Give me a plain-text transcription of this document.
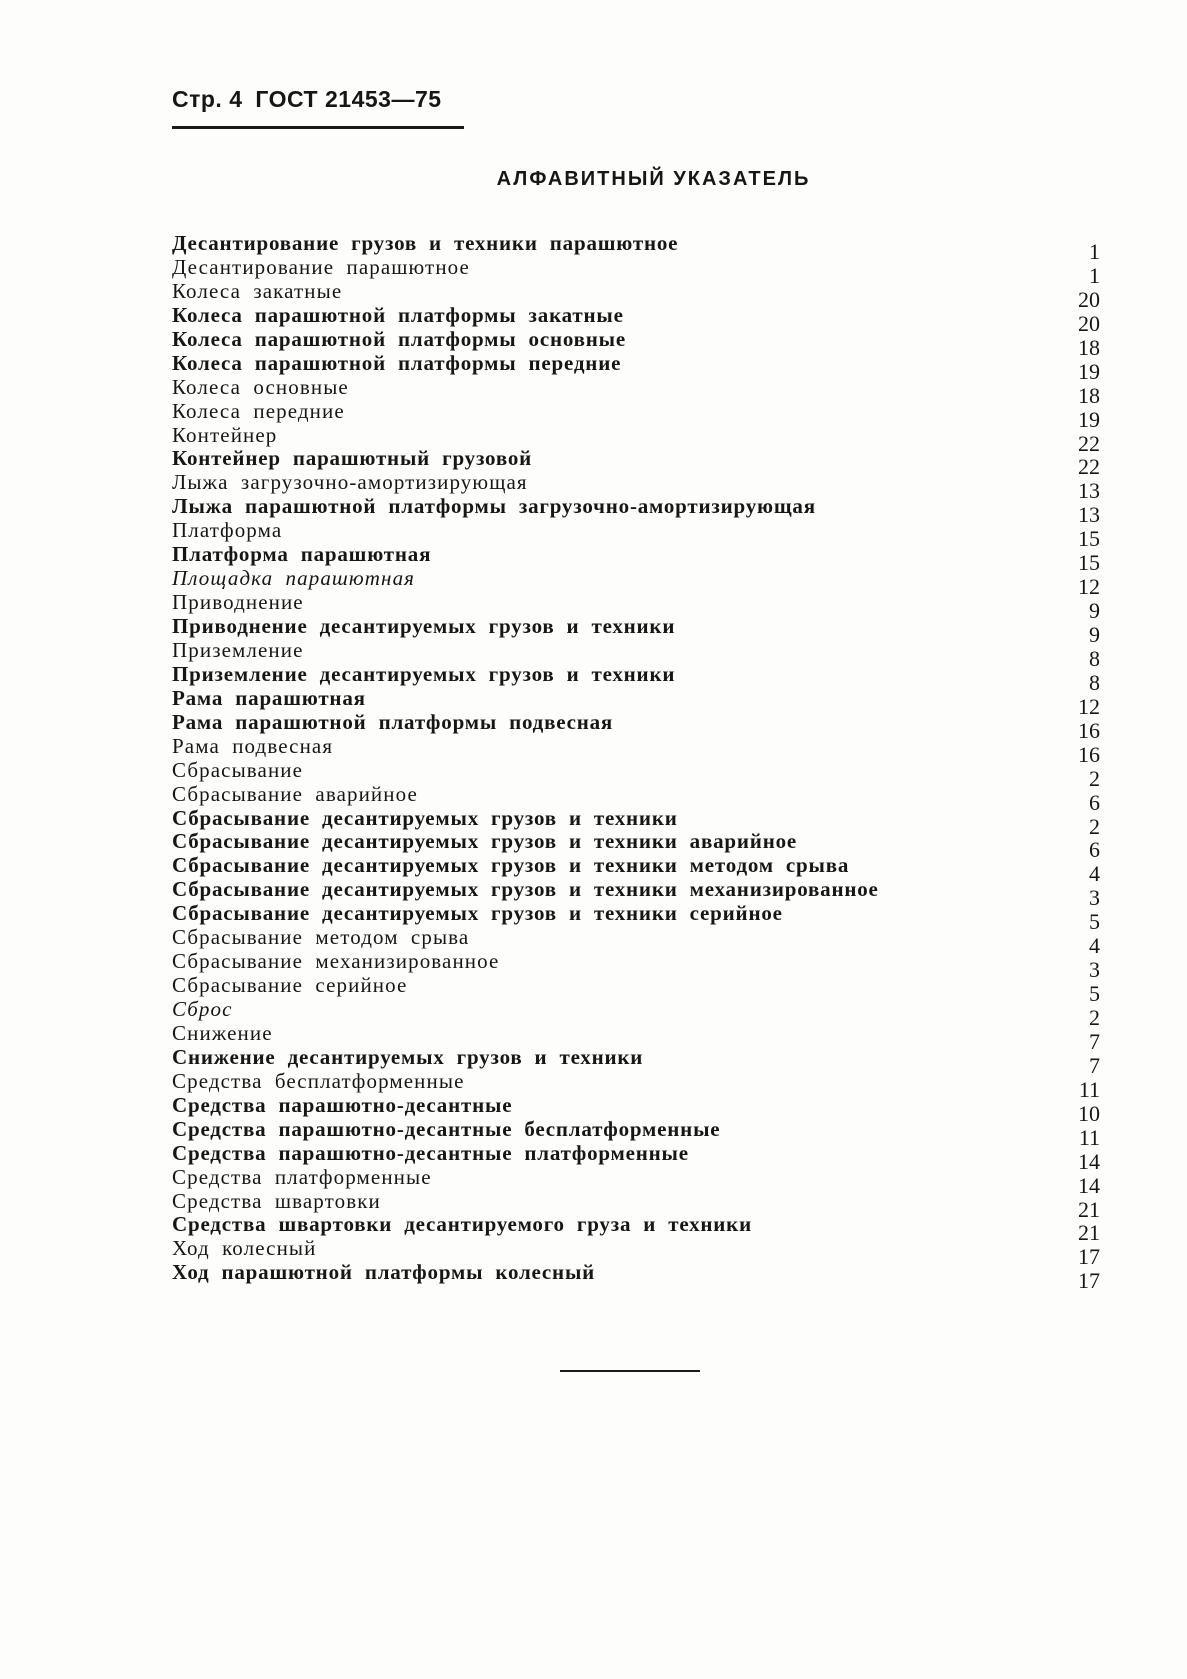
Стр. 4 ГОСТ 21453—75
АЛФАВИТНЫЙ УКАЗАТЕЛЬ
Десантирование грузов и техники парашютное	1
Десантирование парашютное	1
Колеса закатные	20
Колеса парашютной платформы закатные	20
Колеса парашютной платформы основные	18
Колеса парашютной платформы передние	19
Колеса основные	18
Колеса передние	19
Контейнер	22
Контейнер парашютный грузовой	22
Лыжа загрузочно-амортизирующая	13
Лыжа парашютной платформы загрузочно-амортизирующая	13
Платформа	15
Платформа парашютная	15
Площадка парашютная	12
Приводнение	9
Приводнение десантируемых грузов и техники	9
Приземление	8
Приземление десантируемых грузов и техники	8
Рама парашютная	12
Рама парашютной платформы подвесная	16
Рама подвесная	16
Сбрасывание	2
Сбрасывание аварийное	6
Сбрасывание десантируемых грузов и техники	2
Сбрасывание десантируемых грузов и техники аварийное	6
Сбрасывание десантируемых грузов и техники методом срыва	4
Сбрасывание десантируемых грузов и техники механизированное	3
Сбрасывание десантируемых грузов и техники серийное	5
Сбрасывание методом срыва	4
Сбрасывание механизированное	3
Сбрасывание серийное	5
Сброс	2
Снижение	7
Снижение десантируемых грузов и техники	7
Средства бесплатформенные	11
Средства парашютно-десантные	10
Средства парашютно-десантные бесплатформенные	11
Средства парашютно-десантные платформенные	14
Средства платформенные	14
Средства швартовки	21
Средства швартовки десантируемого груза и техники	21
Ход колесный	17
Ход парашютной платформы колесный	17
